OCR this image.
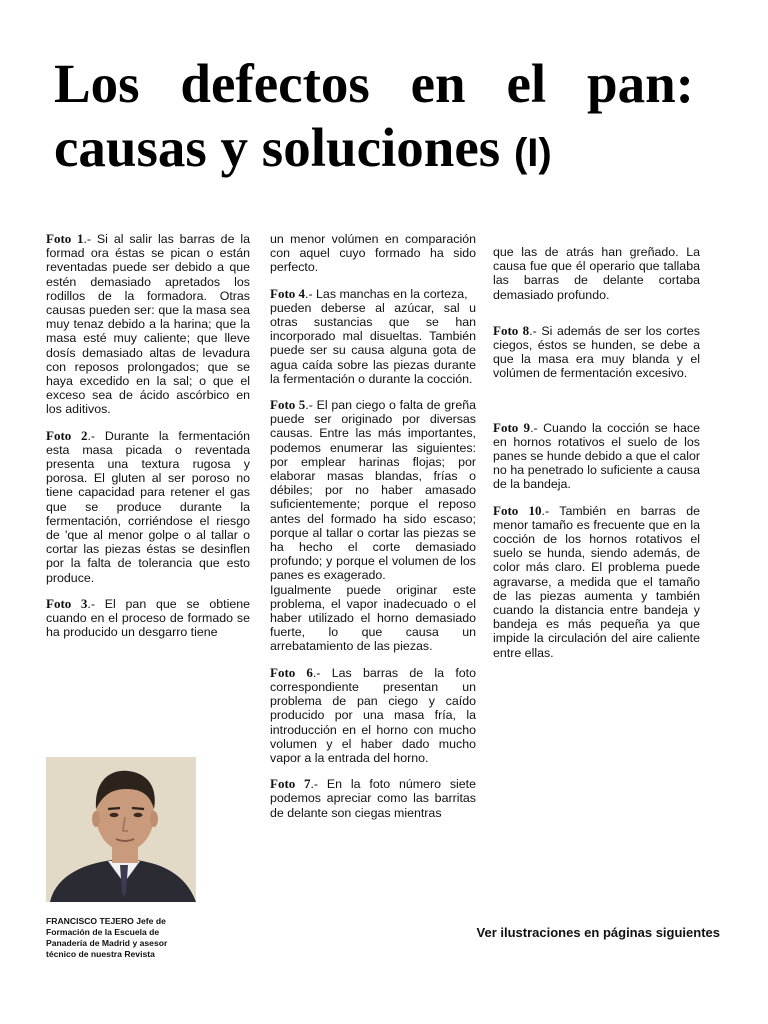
Los defectos en el pan:
causas y soluciones (I)

Foto 1.- Si al salir las barras de la formad ora éstas se pican o están reventadas puede ser debido a que estén demasiado apretados los rodillos de la formadora. Otras causas pueden ser: que la masa sea muy tenaz debido a la harina; que la masa esté muy caliente; que lleve dosís demasiado altas de levadura con reposos prolongados; que se haya excedido en la sal; o que el exceso sea de ácido ascórbico en los aditivos.

Foto 2.- Durante la fermentación esta masa picada o reventada presenta una textura rugosa y porosa. El gluten al ser poroso no tiene capacidad para retener el gas que se produce durante la fermentación, corriéndose el riesgo de 'que al menor golpe o al tallar o cortar las piezas éstas se desinflen por la falta de tolerancia que esto produce.

Foto 3.- El pan que se obtiene cuando en el proceso de formado se ha producido un desgarro tiene

un menor volúmen en comparación con aquel cuyo formado ha sido perfecto.

Foto 4.- Las manchas en la corteza,
pueden deberse al azúcar, sal u otras sustancias que se han incorporado mal disueltas. También puede ser su causa alguna gota de agua caída sobre las piezas durante la fermentación o durante la cocción.

Foto 5.- El pan ciego o falta de greña puede ser originado por diversas causas. Entre las más importantes, podemos enumerar las siguientes: por emplear harinas flojas; por elaborar masas blandas, frías o débiles; por no haber amasado suficientemente; porque el reposo antes del formado ha sido escaso; porque al tallar o cortar las piezas se ha hecho el corte demasiado profundo; y porque el volumen de los panes es exagerado.
Igualmente puede originar este problema, el vapor inadecuado o el haber utilizado el horno demasiado fuerte, lo que causa un arrebatamiento de las piezas.

Foto 6.- Las barras de la foto correspondiente presentan un problema de pan ciego y caído producido por una masa fría, la introducción en el horno con mucho volumen y el haber dado mucho vapor a la entrada del horno.

Foto 7.- En la foto número siete podemos apreciar como las barritas de delante son ciegas mientras

que las de atrás han greñado. La causa fue que él operario que tallaba las barras de delante cortaba demasiado profundo.

Foto 8.- Si además de ser los cortes ciegos, éstos se hunden, se debe a que la masa era muy blanda y el volúmen de fermentación excesivo.

Foto 9.- Cuando la cocción se hace en hornos rotativos el suelo de los panes se hunde debido a que el calor no ha penetrado lo suficiente a causa de la bandeja.

Foto 10.- También en barras de menor tamaño es frecuente que en la cocción de los hornos rotativos el suelo se hunda, siendo además, de color más claro. El problema puede agravarse, a medida que el tamaño de las piezas aumenta y también cuando la distancia entre bandeja y bandeja es más pequeña ya que impide la circulación del aire caliente entre ellas.

FRANCISCO TEJERO Jefe de Formación de la Escuela de Panadería de Madrid y asesor técnico de nuestra Revista

Ver ilustraciones en páginas siguientes
